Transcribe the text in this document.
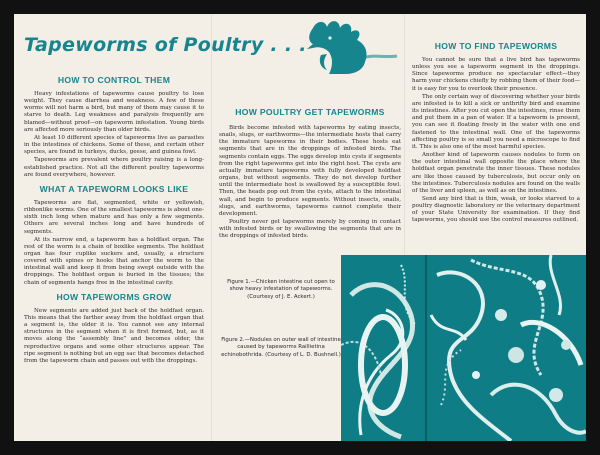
Tapeworms of Poultry . . .
HOW TO CONTROL THEM

Heavy infestations of tapeworms cause poultry to lose weight. They cause diarrhea and weakness. A few of these worms will not harm a bird, but many of them may cause it to starve to death. Leg weakness and paralysis frequently are blamed—without proof—on tapeworm infestation. Young birds are affected more seriously than older birds.

At least 10 different species of tapeworms live as parasites in the intestines of chickens. Some of these, and certain other species, are found in turkeys, ducks, geese, and guinea fowl.

Tapeworms are prevalent where poultry raising is a long-established practice. Not all the different poultry tapeworms are found everywhere, however.

WHAT A TAPEWORM LOOKS LIKE

Tapeworms are flat, segmented, white or yellowish, ribbonlike worms. One of the smallest tapeworms is about one-sixth inch long when mature and has only a few segments. Others are several inches long and have hundreds of segments.

At its narrow end, a tapeworm has a holdfast organ. The rest of the worm is a chain of boxlike segments. The holdfast organ has four cuplike suckers and, usually, a structure covered with spines or hooks that anchor the worm to the intestinal wall and keep it from being swept outside with the droppings. The holdfast organ is buried in the tissues; the chain of segments hangs free in the intestinal cavity.

HOW TAPEWORMS GROW

New segments are added just back of the holdfast organ. This means that the farther away from the holdfast organ that a segment is, the older it is. You cannot see any internal structures in the segment when it is first formed, but, as it moves along the “assembly line” and becomes older, the reproductive organs and some other structures appear. The ripe segment is nothing but an egg sac that becomes detached from the tapeworm chain and passes out with the droppings.

HOW POULTRY GET TAPEWORMS

Birds become infested with tapeworms by eating insects, snails, slugs, or earthworms—the intermediate hosts that carry the immature tapeworms in their bodies. These hosts eat segments that are in the droppings of infested birds. The segments contain eggs. The eggs develop into cysts if segments from the right tapeworms get into the right host. The cysts are actually immature tapeworms with fully developed holdfast organs, but without segments. They do not develop further until the intermediate host is swallowed by a susceptible fowl. Then, the heads pop out from the cysts, attach to the intestinal wall, and begin to produce segments. Without insects, snails, slugs, and earthworms, tapeworms cannot complete their development.

Poultry never get tapeworms merely by coming in contact with infested birds or by swallowing the segments that are in the droppings of infested birds.

Figure 1.—Chicken intestine cut open to show heavy infestation of tapeworms. (Courtesy of J. E. Ackert.)
Figure 2.—Nodules on outer wall of intestine caused by tapeworms Raillietina echinobothrida. (Courtesy of L. D. Bushnell.)
HOW TO FIND TAPEWORMS

You cannot be sure that a live bird has tapeworms unless you see a tapeworm segment in the droppings. Since tapeworms produce no spectacular effect—they harm your chickens chiefly by robbing them of their food—it is easy for you to overlook their presence.

The only certain way of discovering whether your birds are infested is to kill a sick or unthrifty bird and examine its intestines. After you cut open the intestines, rinse them and put them in a pan of water. If a tapeworm is present, you can see it floating freely in the water with one end fastened to the intestinal wall. One of the tapeworms affecting poultry is so small you need a microscope to find it. This is also one of the most harmful species.

Another kind of tapeworm causes nodules to form on the outer intestinal wall opposite the place where the holdfast organ penetrate the inner tissues. These nodules are like those caused by tuberculosis, but occur only on the intestines. Tuberculosis nodules are found on the walls of the liver and spleen, as well as on the intestines.

Send any bird that is thin, weak, or looks starved to a poultry diagnostic laboratory or the veterinary department of your State University for examination. If they find tapeworms, you should use the control measures outlined.
